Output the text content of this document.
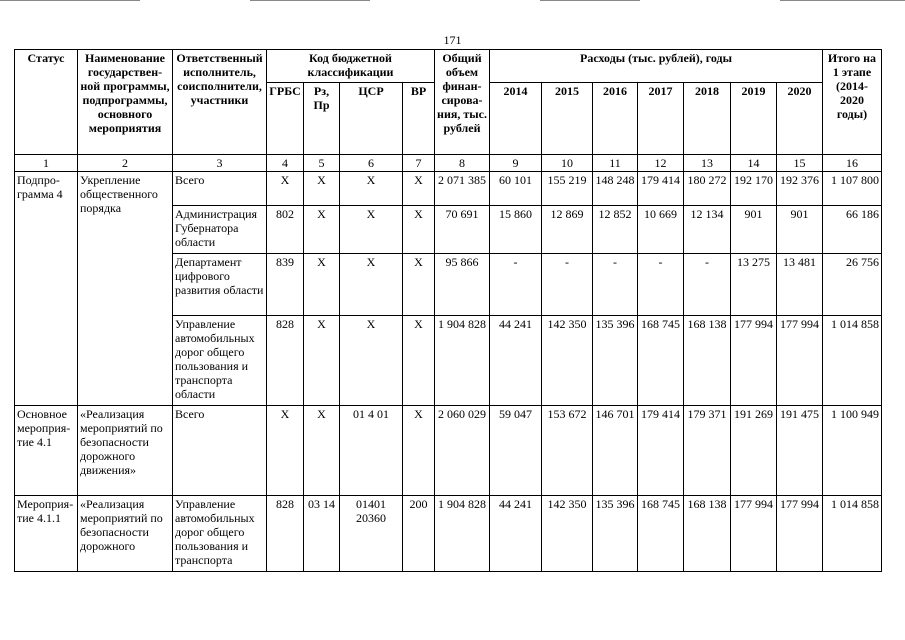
171
Статус	Наименование государствен-ной программы, подпрограммы, основного мероприятия	Ответственный исполнитель, соисполнители, участники	Код бюджетной классификации				Общий объем финан-сирова-ния, тыс. рублей	Расходы (тыс. рублей), годы							Итого на 1 этапе (2014-2020 годы)
			ГРБС	Рз, Пр	ЦСР	ВР		2014	2015	2016	2017	2018	2019	2020	
1	2	3	4	5	6	7	8	9	10	11	12	13	14	15	16
Подпро-грамма 4	Укрепление общественного порядка	Всего	Х	Х	Х	Х	2 071 385	60 101	155 219	148 248	179 414	180 272	192 170	192 376	1 107 800
		Администрация Губернатора области	802	Х	Х	Х	70 691	15 860	12 869	12 852	10 669	12 134	901	901	66 186
		Департамент цифрового развития области	839	Х	Х	Х	95 866	-	-	-	-	-	13 275	13 481	26 756
		Управление автомобильных дорог общего пользования и транспорта области	828	Х	Х	Х	1 904 828	44 241	142 350	135 396	168 745	168 138	177 994	177 994	1 014 858
Основное мероприя-тие 4.1	«Реализация мероприятий по безопасности дорожного движения»	Всего	Х	Х	01 4 01	Х	2 060 029	59 047	153 672	146 701	179 414	179 371	191 269	191 475	1 100 949
Мероприя-тие 4.1.1	«Реализация мероприятий по безопасности дорожного	Управление автомобильных дорог общего пользования и транспорта	828	03 14	01401 20360	200	1 904 828	44 241	142 350	135 396	168 745	168 138	177 994	177 994	1 014 858
